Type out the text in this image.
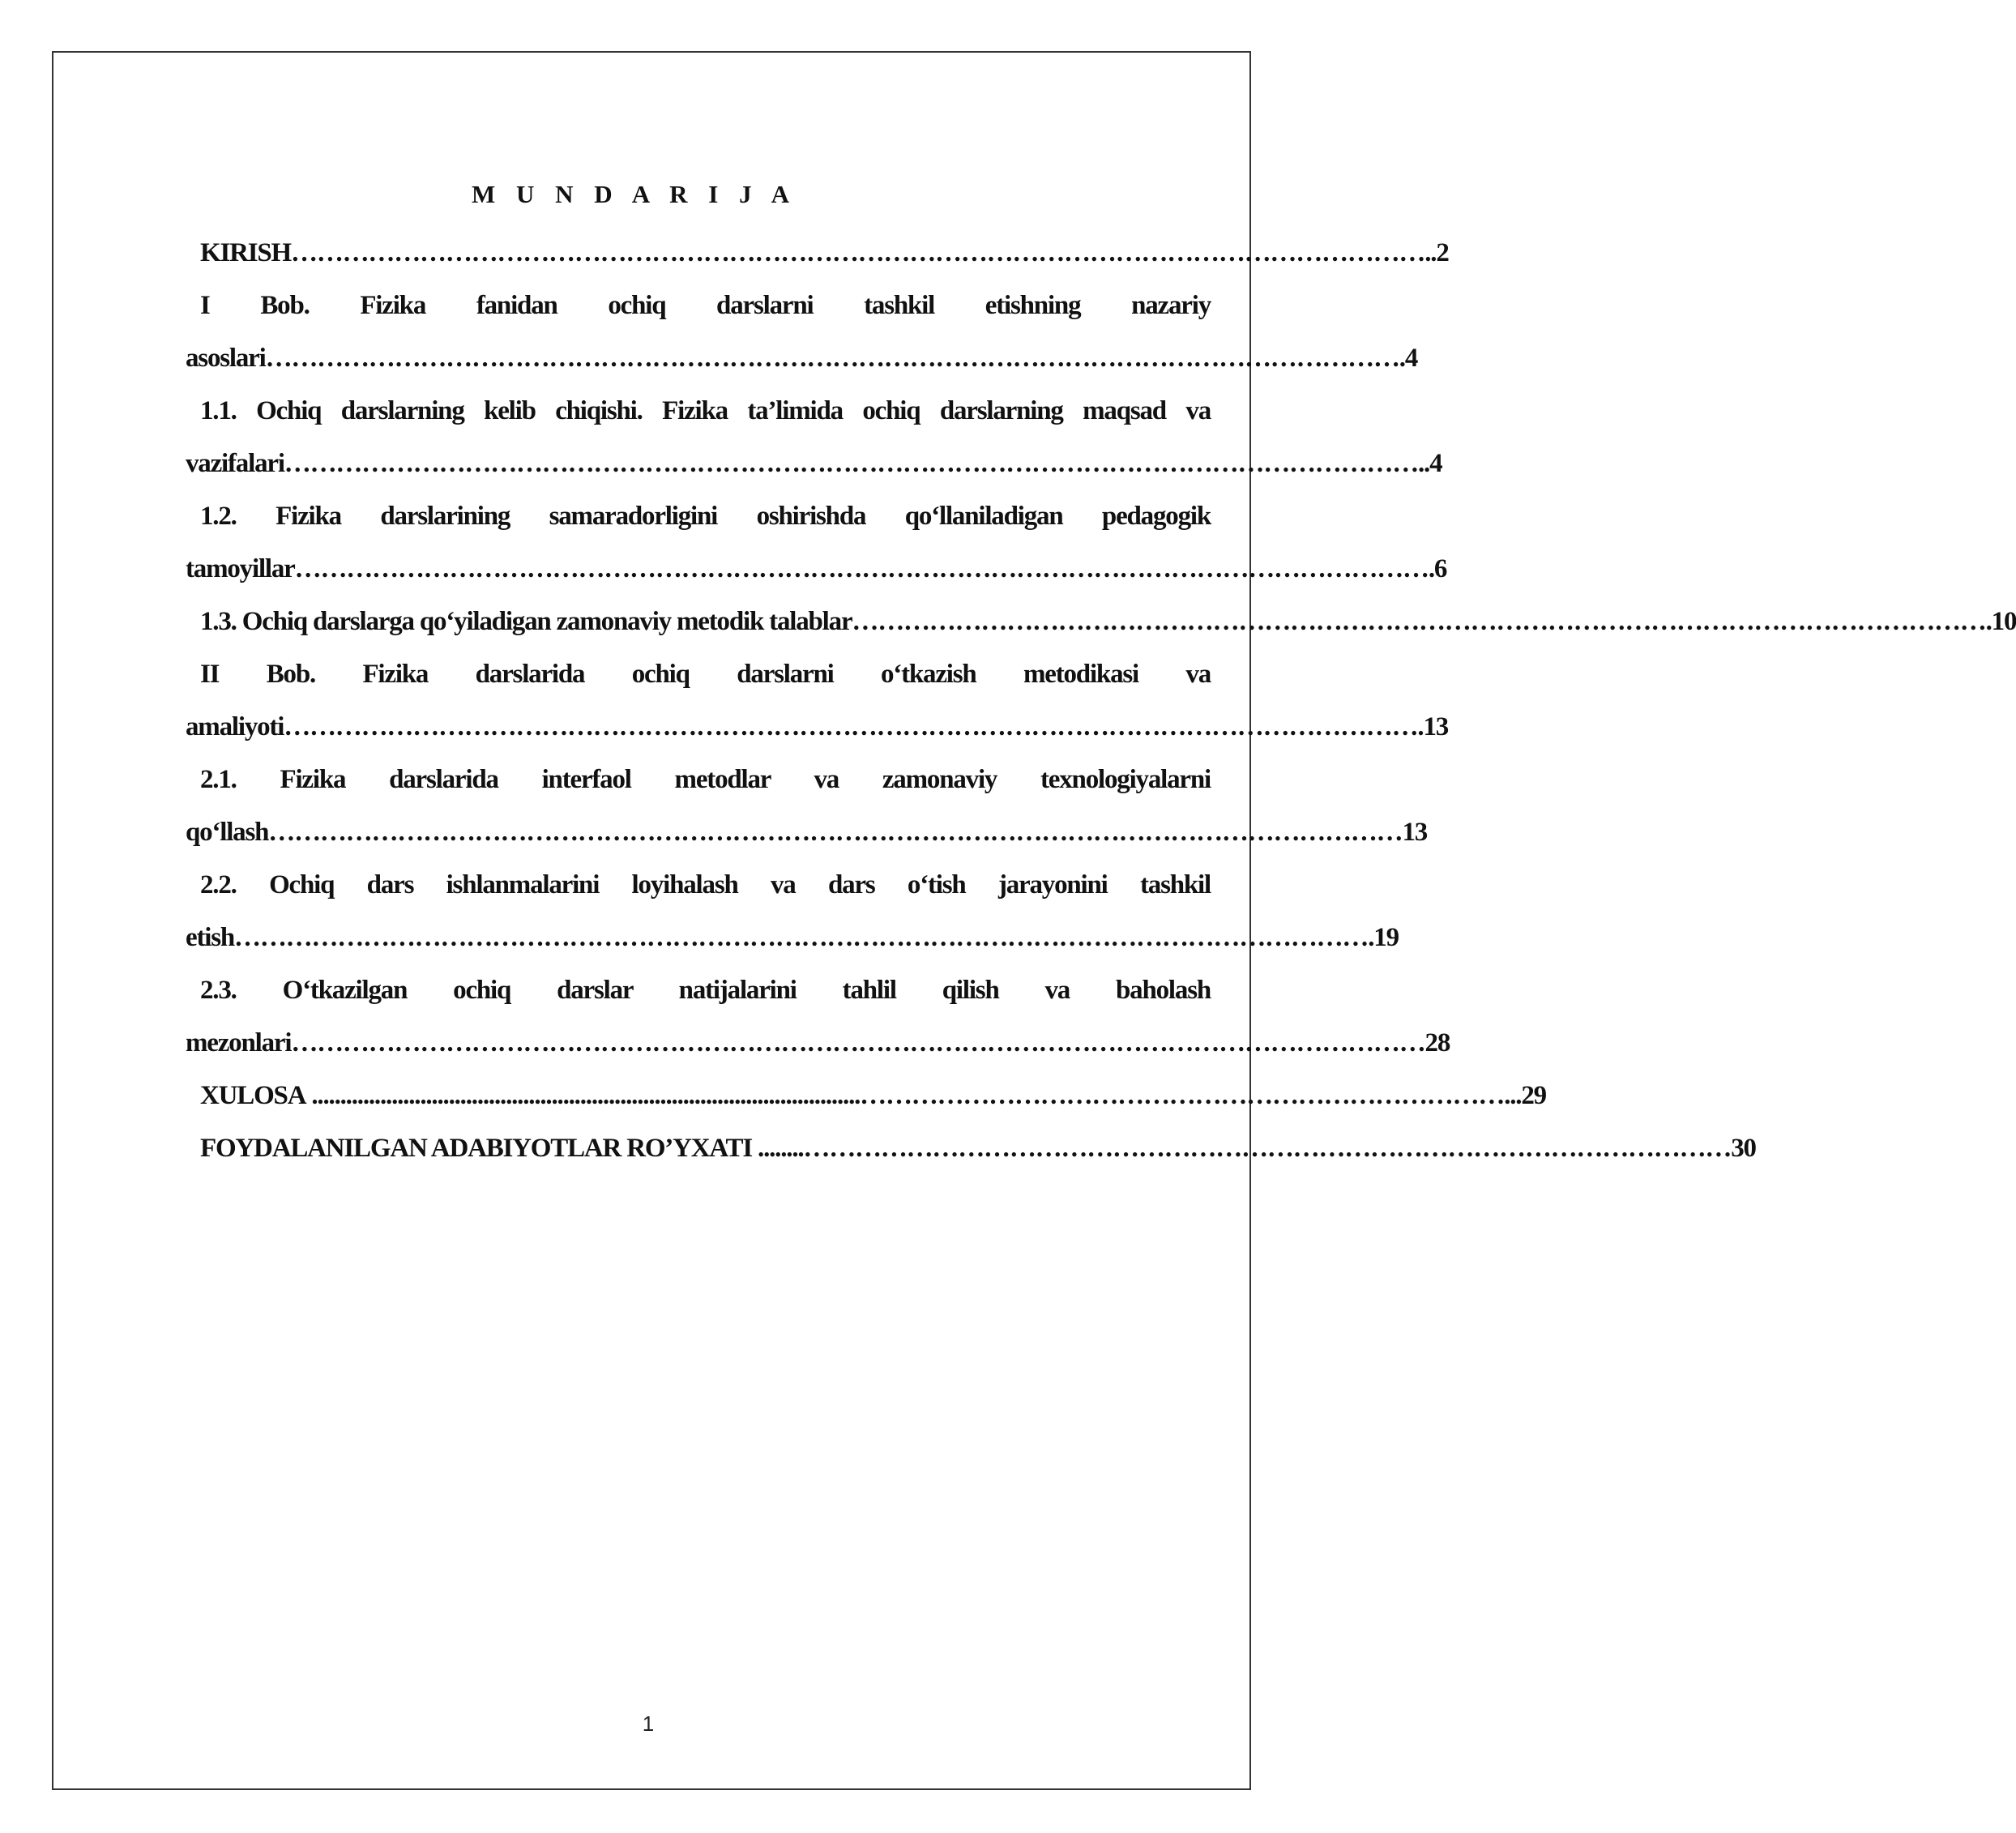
M U N D A R I J A
KIRISH …………………………………………………………………………………………………………………… ..2
I Bob. Fizika fanidan ochiq darslarni tashkil etishning nazariy
asoslari …………………………………………………………………………………………………………………… .4
1.1. Ochiq darslarning kelib chiqishi. Fizika ta’limida ochiq darslarning maqsad va
vazifalari …………………………………………………………………………………………………………………… ..4
1.2. Fizika darslarining samaradorligini oshirishda qo‘llaniladigan pedagogik
tamoyillar …………………………………………………………………………………………………………………… .6
1.3. Ochiq darslarga qo‘yiladigan zamonaviy metodik talablar …………………………………………………………………………………………………………………… .10
II Bob. Fizika darslarida ochiq darslarni o‘tkazish metodikasi va
amaliyoti …………………………………………………………………………………………………………………… .13
2.1. Fizika darslarida interfaol metodlar va zamonaviy texnologiyalarni
qo‘llash …………………………………………………………………………………………………………………… 13
2.2. Ochiq dars ishlanmalarini loyihalash va dars o‘tish jarayonini tashkil
etish …………………………………………………………………………………………………………………… .19
2.3. O‘tkazilgan ochiq darslar natijalarini tahlil qilish va baholash
mezonlari …………………………………………………………………………………………………………………… 28
XULOSA ................................................................................................………………………………………………………………… ...29
FOYDALANILGAN ADABIYOTLAR RO’YXATI ........……………………………………………………………………………………………… 30
1
